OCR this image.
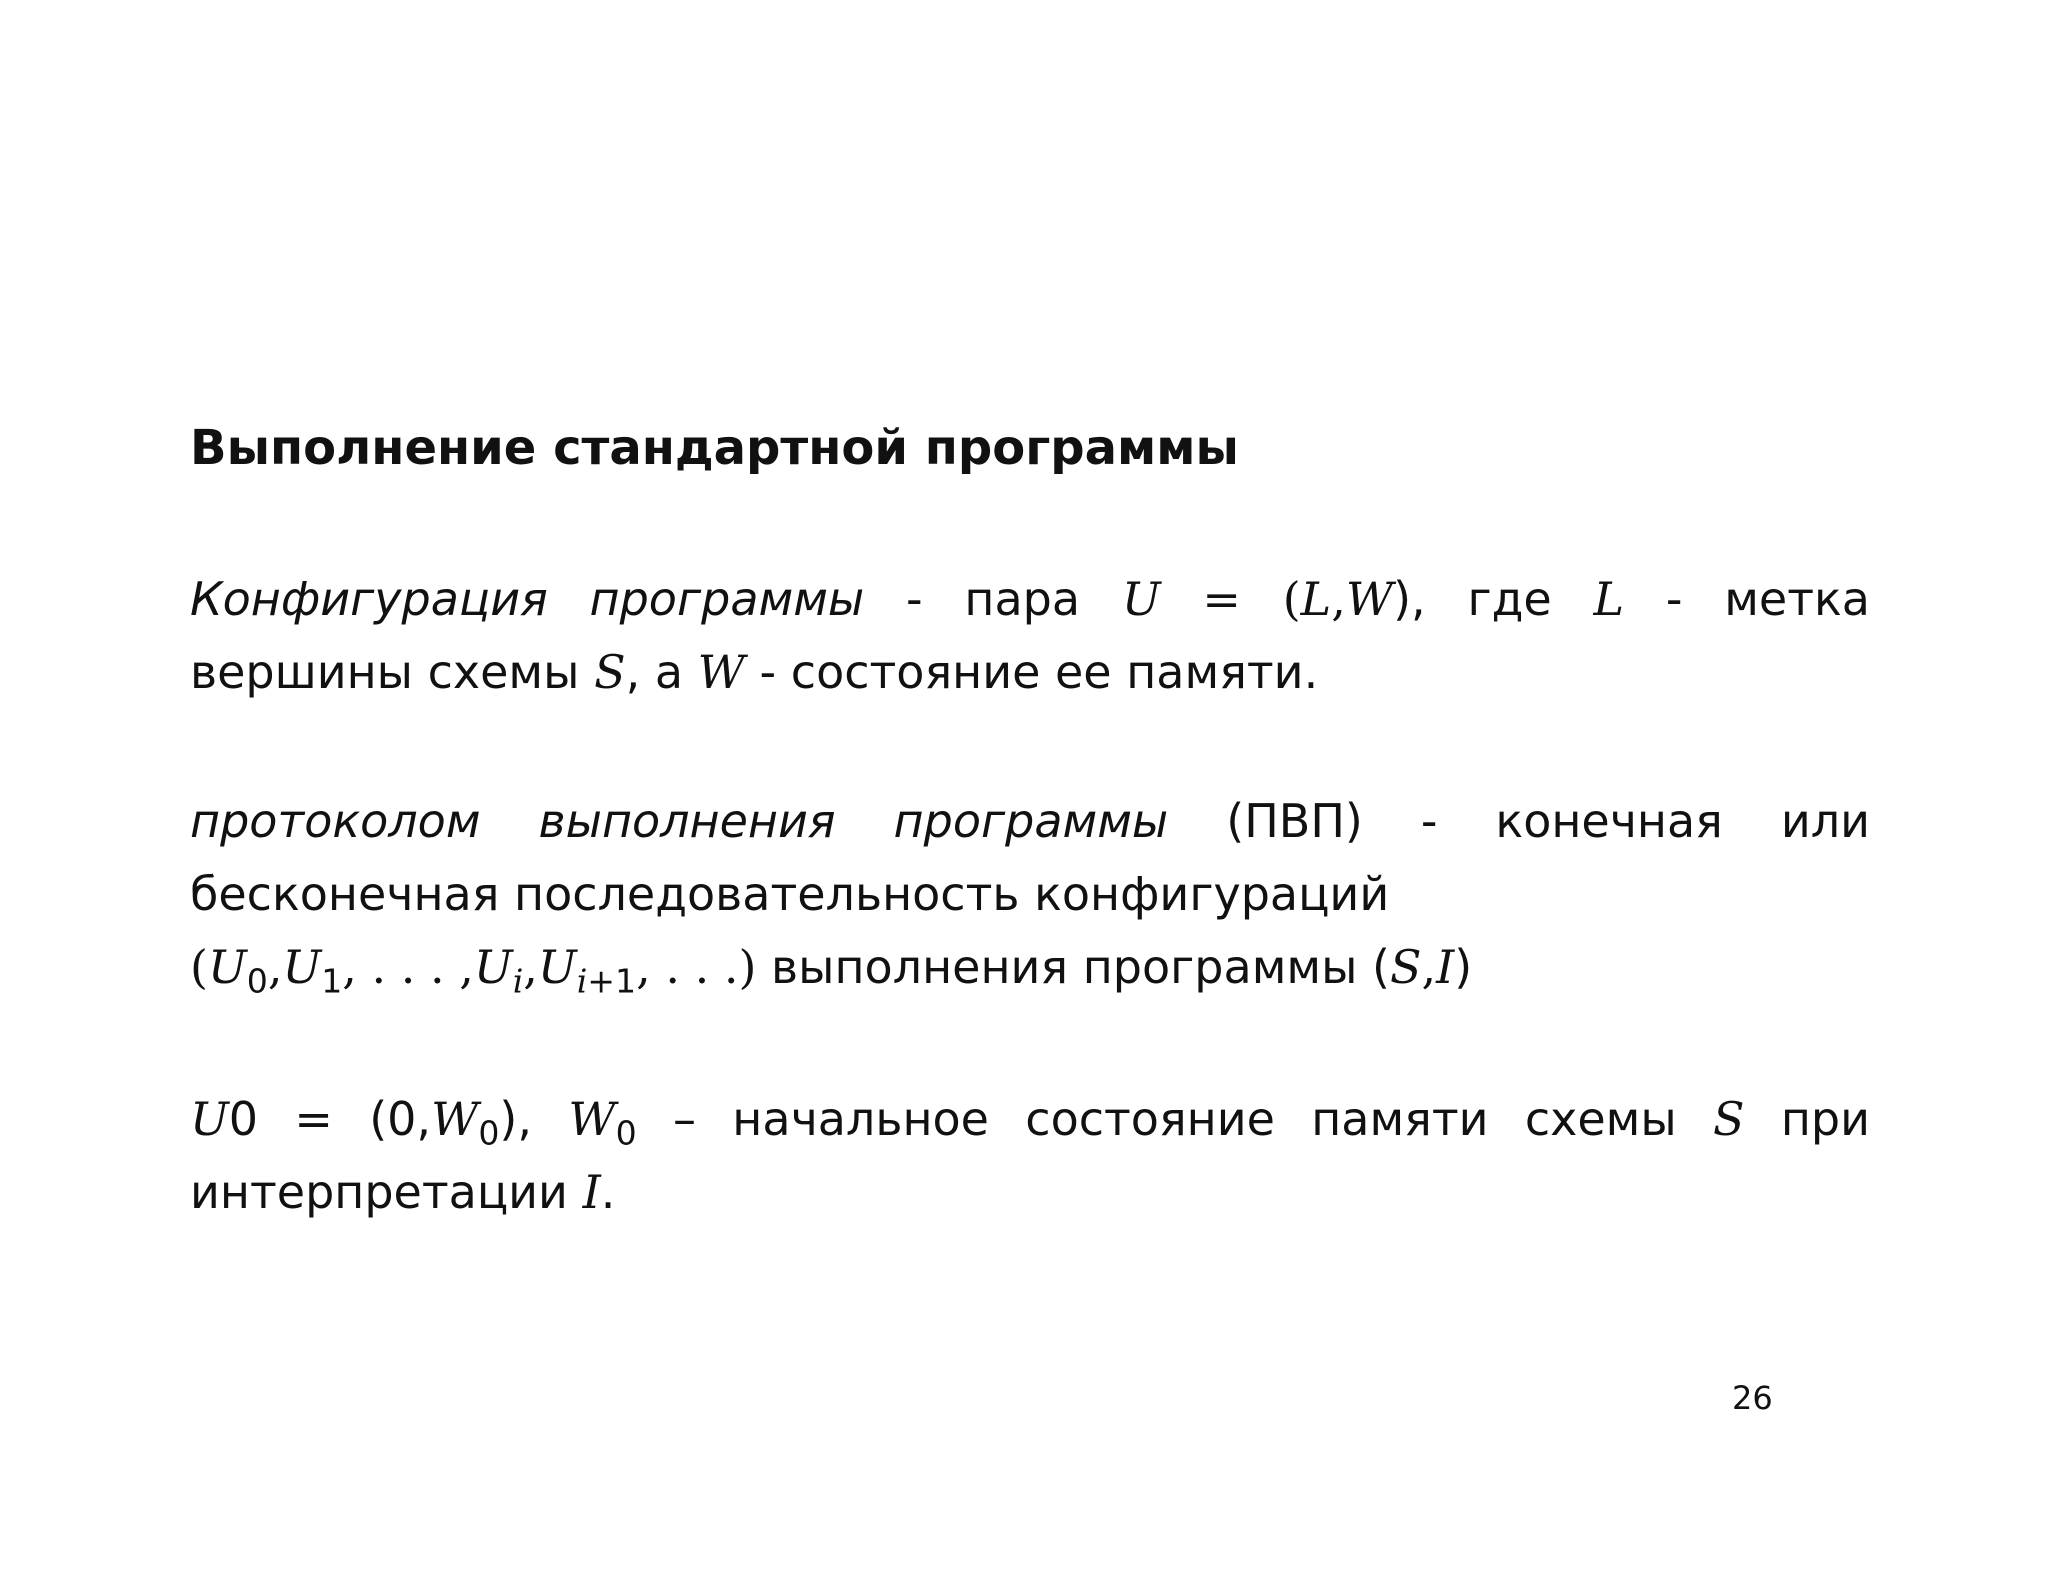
Выполнение стандартной программы
Конфигурация программы - пара U = (L,W), где L - метка
вершины схемы S, а W - состояние ее памяти.
протоколом выполнения программы (ПВП) - конечная или
бесконечная последовательность конфигураций
($U_0,U_1$, . . . $,U_i,U_{i+1}$, . . .) выполнения программы (S,I)
$U0 = (0,W_0)$, $W_0$ – начальное состояние памяти схемы S при
интерпретации I.
26
